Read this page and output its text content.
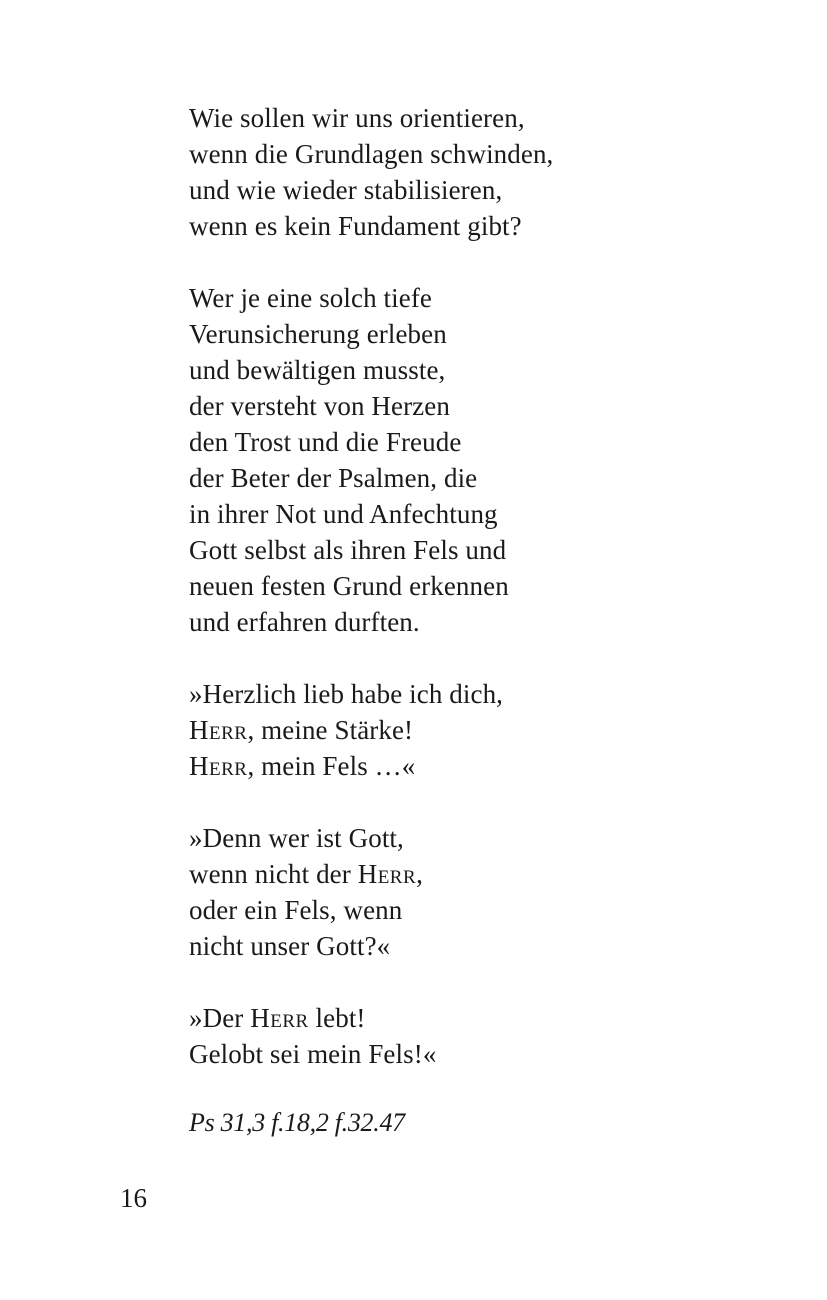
Wie sollen wir uns orientieren,
wenn die Grundlagen schwinden,
und wie wieder stabilisieren,
wenn es kein Fundament gibt?
Wer je eine solch tiefe
Verunsicherung erleben
und bewältigen musste,
der versteht von Herzen
den Trost und die Freude
der Beter der Psalmen, die
in ihrer Not und Anfechtung
Gott selbst als ihren Fels und
neuen festen Grund erkennen
und erfahren durften.
»Herzlich lieb habe ich dich,
Herr, meine Stärke!
Herr, mein Fels …«
»Denn wer ist Gott,
wenn nicht der Herr,
oder ein Fels, wenn
nicht unser Gott?«
»Der Herr lebt!
Gelobt sei mein Fels!«
Ps 31,3 f.18,2 f.32.47
16
